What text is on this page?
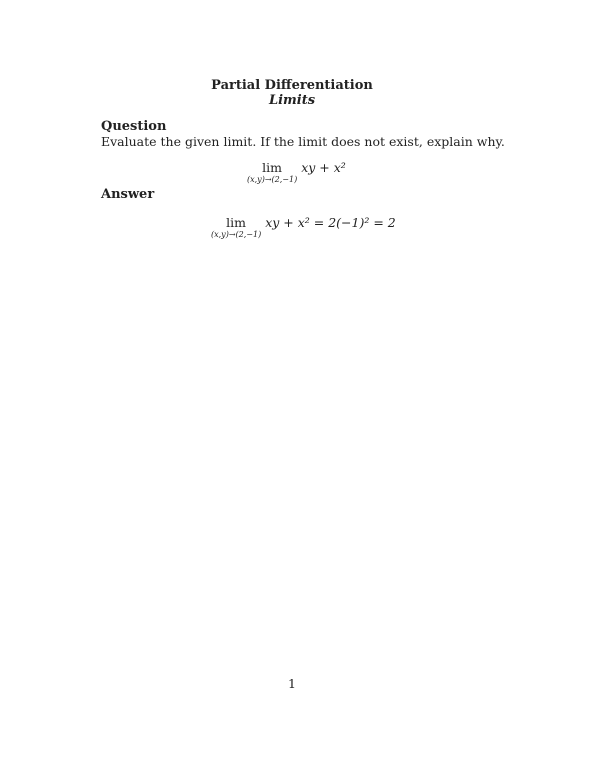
Partial Differentiation
Limits
Question
Evaluate the given limit. If the limit does not exist, explain why.
lim
(x,y)→(2,−1)
xy + x²
Answer
lim
(x,y)→(2,−1)
xy + x² = 2(−1)² = 2
1
